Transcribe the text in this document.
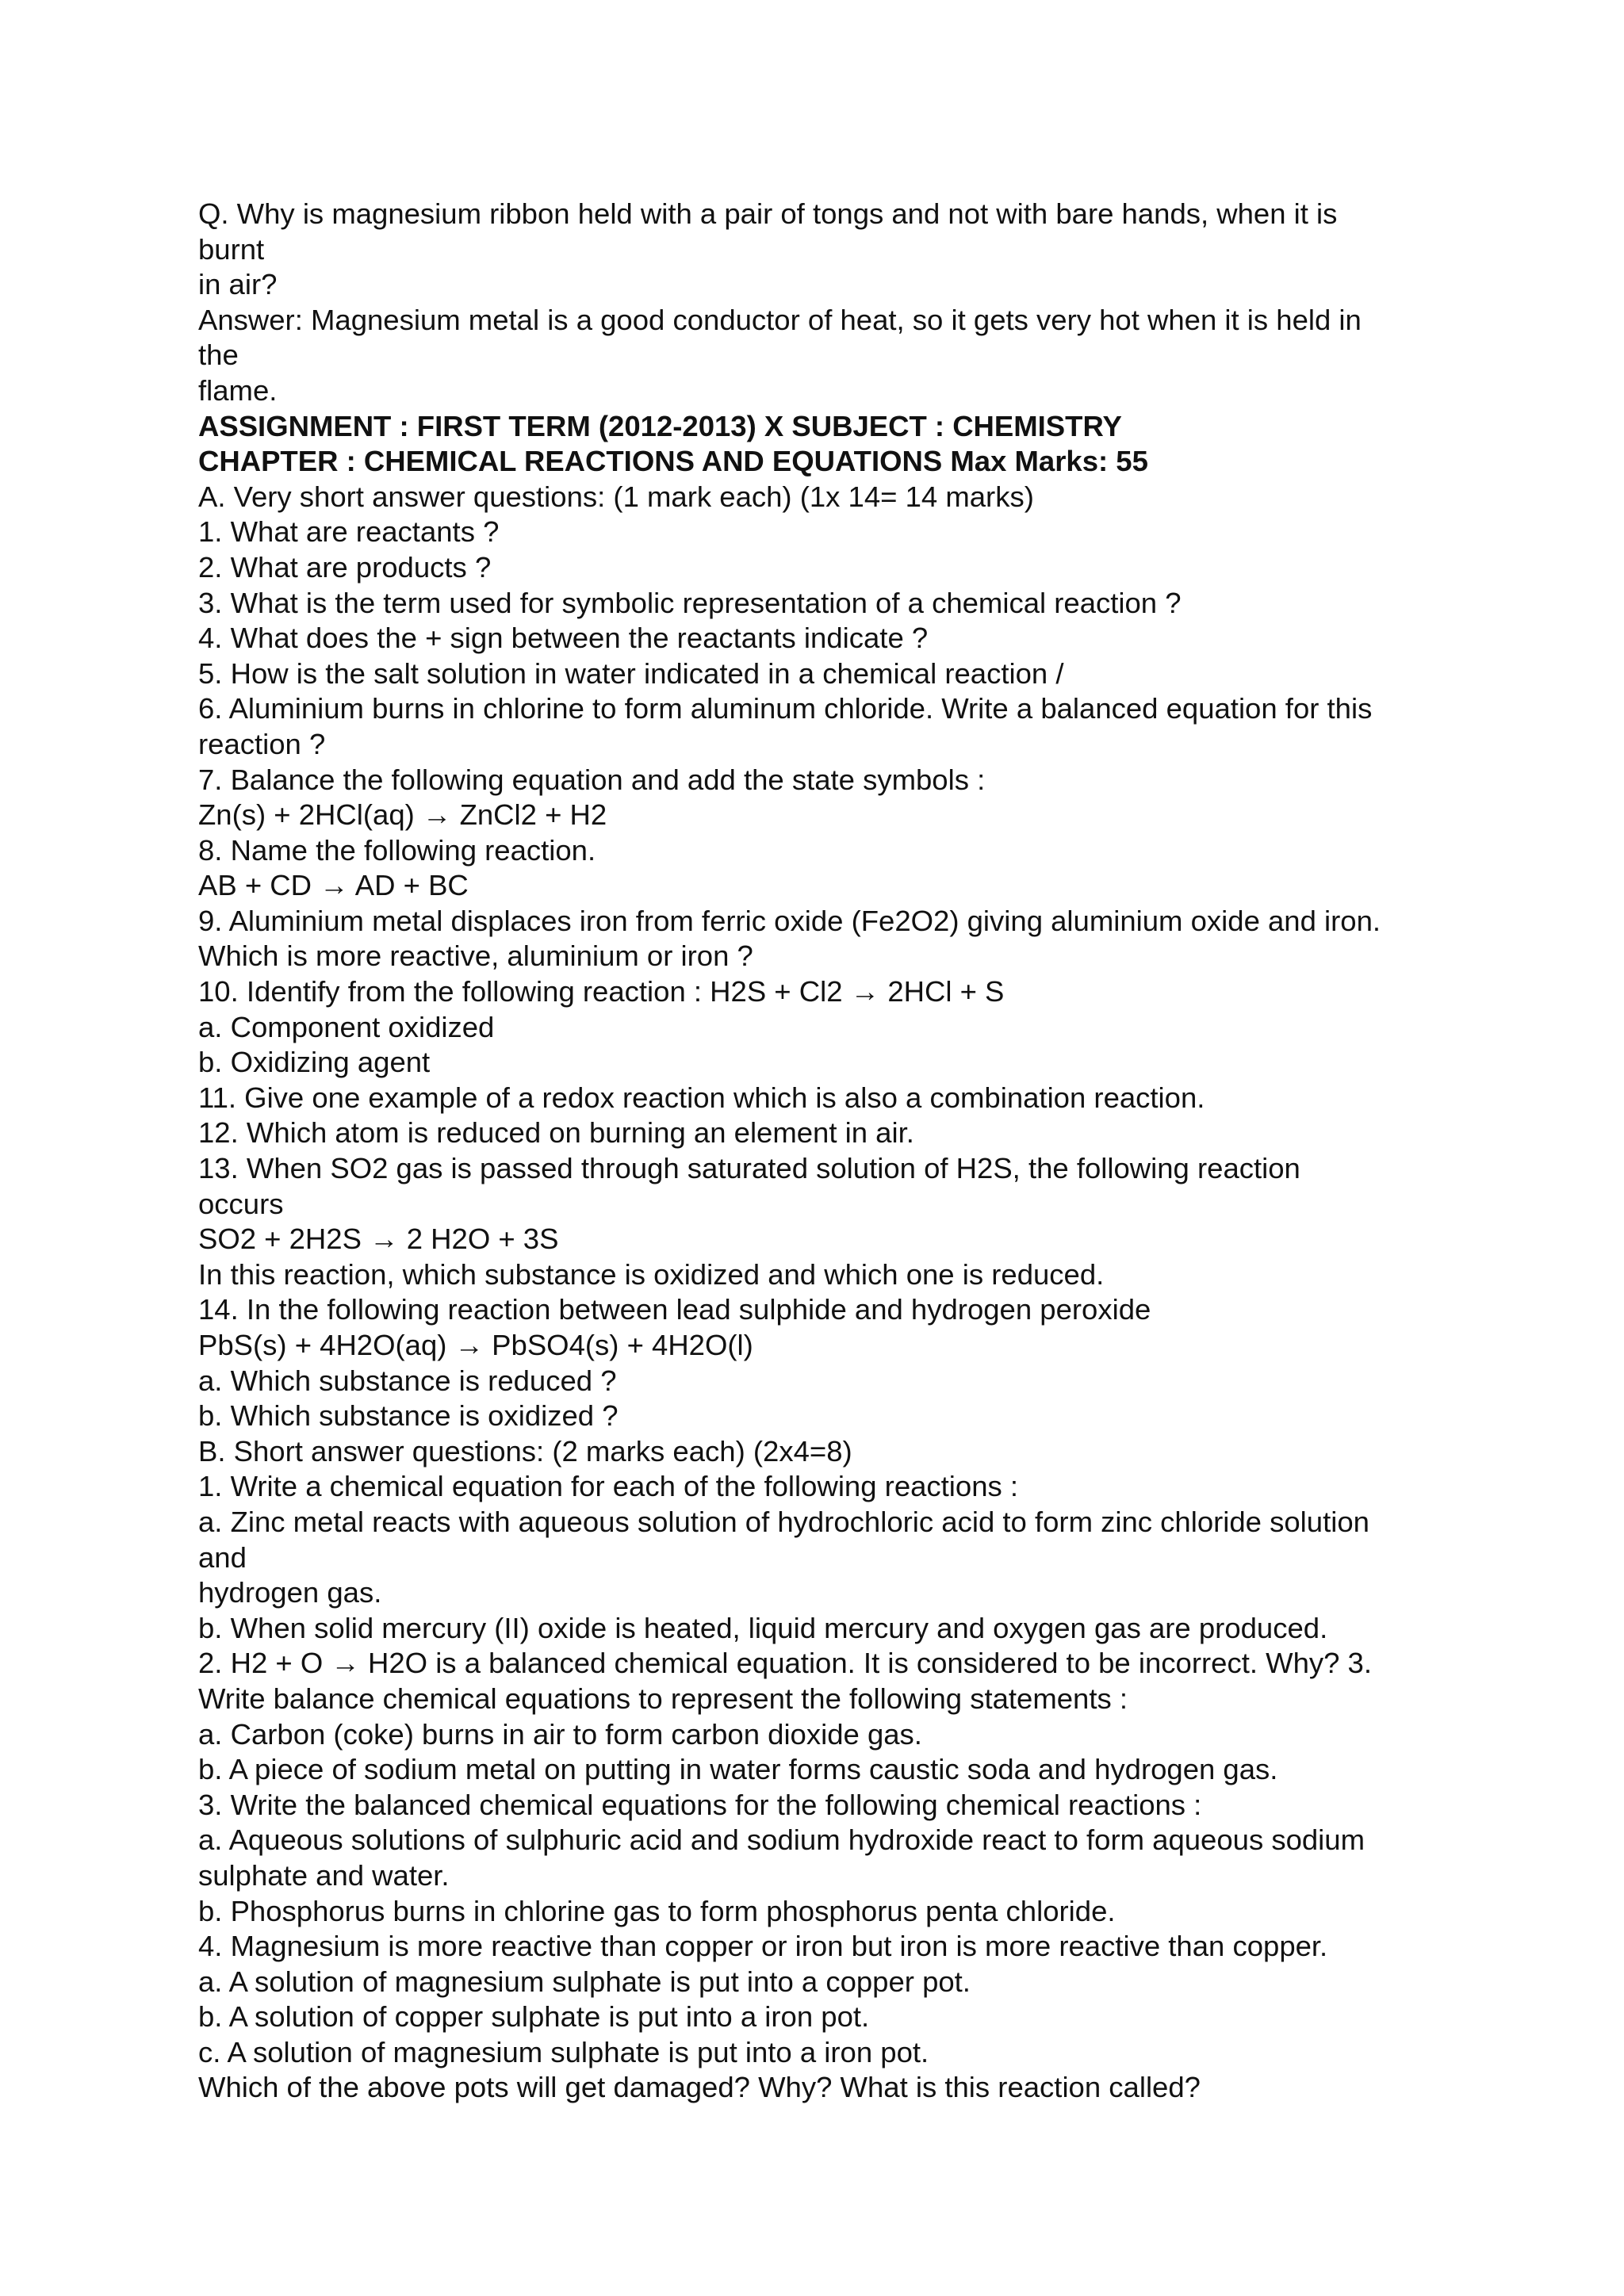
Q. Why is magnesium ribbon held with a pair of tongs and not with bare hands, when it is
burnt
in air?
Answer: Magnesium metal is a good conductor of heat, so it gets very hot when it is held in
the
flame.
ASSIGNMENT : FIRST TERM (2012-2013) X SUBJECT : CHEMISTRY
CHAPTER : CHEMICAL REACTIONS AND EQUATIONS Max Marks: 55
A. Very short answer questions: (1 mark each) (1x 14= 14 marks)
1. What are reactants ?
2. What are products ?
3. What is the term used for symbolic representation of a chemical reaction ?
4. What does the + sign between the reactants indicate ?
5. How is the salt solution in water indicated in a chemical reaction /
6. Aluminium burns in chlorine to form aluminum chloride. Write a balanced equation for this
reaction ?
7. Balance the following equation and add the state symbols :
Zn(s) + 2HCl(aq) → ZnCl2 + H2
8. Name the following reaction.
AB + CD → AD + BC
9. Aluminium metal displaces iron from ferric oxide (Fe2O2) giving aluminium oxide and iron.
Which is more reactive, aluminium or iron ?
10. Identify from the following reaction : H2S + Cl2 → 2HCl + S
a. Component oxidized
b. Oxidizing agent
11. Give one example of a redox reaction which is also a combination reaction.
12. Which atom is reduced on burning an element in air.
13. When SO2 gas is passed through saturated solution of H2S, the following reaction
occurs
SO2 + 2H2S → 2 H2O + 3S
In this reaction, which substance is oxidized and which one is reduced.
14. In the following reaction between lead sulphide and hydrogen peroxide
PbS(s) + 4H2O(aq) → PbSO4(s) + 4H2O(l)
a. Which substance is reduced ?
b. Which substance is oxidized ?
B. Short answer questions: (2 marks each) (2x4=8)
1. Write a chemical equation for each of the following reactions :
a. Zinc metal reacts with aqueous solution of hydrochloric acid to form zinc chloride solution
and
hydrogen gas.
b. When solid mercury (II) oxide is heated, liquid mercury and oxygen gas are produced.
2. H2 + O → H2O is a balanced chemical equation. It is considered to be incorrect. Why? 3.
Write balance chemical equations to represent the following statements :
a. Carbon (coke) burns in air to form carbon dioxide gas.
b. A piece of sodium metal on putting in water forms caustic soda and hydrogen gas.
3. Write the balanced chemical equations for the following chemical reactions :
a. Aqueous solutions of sulphuric acid and sodium hydroxide react to form aqueous sodium
sulphate and water.
b. Phosphorus burns in chlorine gas to form phosphorus penta chloride.
4. Magnesium is more reactive than copper or iron but iron is more reactive than copper.
a. A solution of magnesium sulphate is put into a copper pot.
b. A solution of copper sulphate is put into a iron pot.
c. A solution of magnesium sulphate is put into a iron pot.
Which of the above pots will get damaged? Why? What is this reaction called?
